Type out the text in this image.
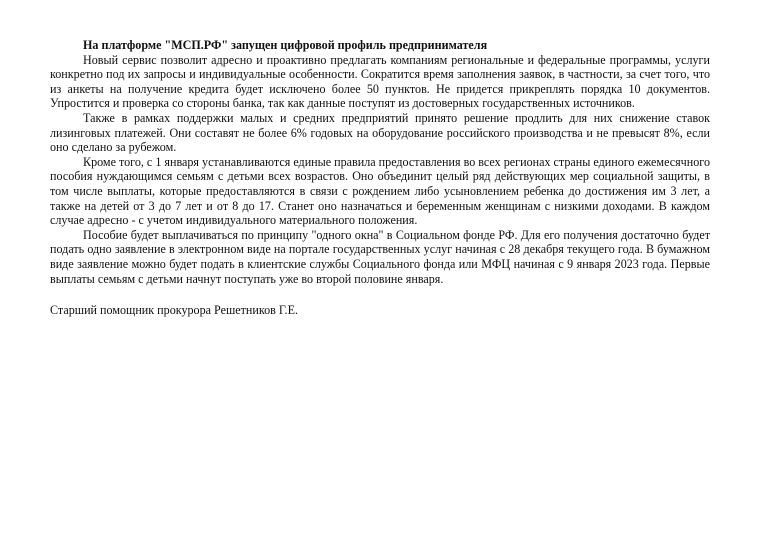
На платформе "МСП.РФ" запущен цифровой профиль предпринимателя

Новый сервис позволит адресно и проактивно предлагать компаниям региональные и федеральные программы, услуги конкретно под их запросы и индивидуальные особенности. Сократится время заполнения заявок, в частности, за счет того, что из анкеты на получение кредита будет исключено более 50 пунктов. Не придется прикреплять порядка 10 документов. Упростится и проверка со стороны банка, так как данные поступят из достоверных государственных источников.

Также в рамках поддержки малых и средних предприятий принято решение продлить для них снижение ставок лизинговых платежей. Они составят не более 6% годовых на оборудование российского производства и не превысят 8%, если оно сделано за рубежом.

Кроме того, с 1 января устанавливаются единые правила предоставления во всех регионах страны единого ежемесячного пособия нуждающимся семьям с детьми всех возрастов. Оно объединит целый ряд действующих мер социальной защиты, в том числе выплаты, которые предоставляются в связи с рождением либо усыновлением ребенка до достижения им 3 лет, а также на детей от 3 до 7 лет и от 8 до 17. Станет оно назначаться и беременным женщинам с низкими доходами. В каждом случае адресно - с учетом индивидуального материального положения.

Пособие будет выплачиваться по принципу "одного окна" в Социальном фонде РФ. Для его получения достаточно будет подать одно заявление в электронном виде на портале государственных услуг начиная с 28 декабря текущего года. В бумажном виде заявление можно будет подать в клиентские службы Социального фонда или МФЦ начиная с 9 января 2023 года. Первые выплаты семьям с детьми начнут поступать уже во второй половине января.

Старший помощник прокурора Решетников Г.Е.
